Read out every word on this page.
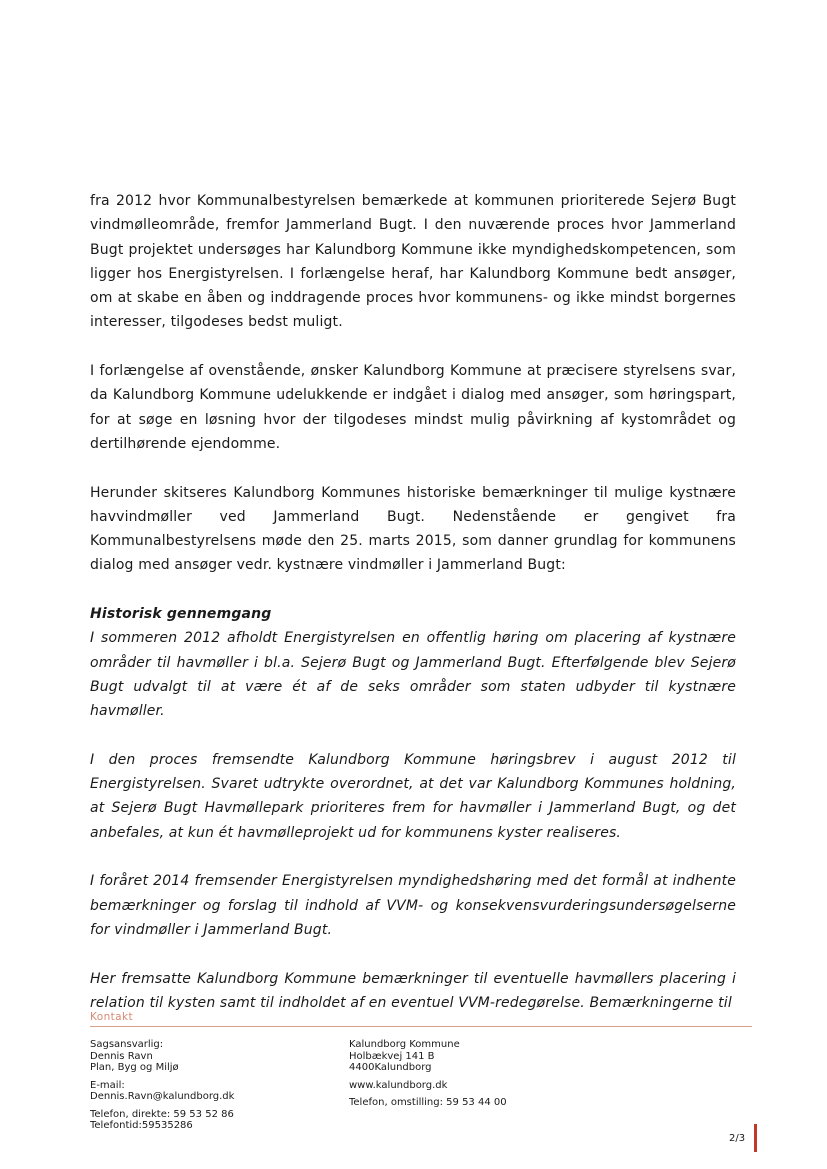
fra 2012 hvor Kommunalbestyrelsen bemærkede at kommunen prioriterede Sejerø Bugt vindmølleområde, fremfor Jammerland Bugt. I den nuværende proces hvor Jammerland Bugt projektet undersøges har Kalundborg Kommune ikke myndighedskompetencen, som ligger hos Energistyrelsen. I forlængelse heraf, har Kalundborg Kommune bedt ansøger, om at skabe en åben og inddragende proces hvor kommunens- og ikke mindst borgernes interesser, tilgodeses bedst muligt.

I forlængelse af ovenstående, ønsker Kalundborg Kommune at præcisere styrelsens svar, da Kalundborg Kommune udelukkende er indgået i dialog med ansøger, som høringspart, for at søge en løsning hvor der tilgodeses mindst mulig påvirkning af kystområdet og dertilhørende ejendomme.

Herunder skitseres Kalundborg Kommunes historiske bemærkninger til mulige kystnære havvindmøller ved Jammerland Bugt. Nedenstående er gengivet fra Kommunalbestyrelsens møde den 25. marts 2015, som danner grundlag for kommunens dialog med ansøger vedr. kystnære vindmøller i Jammerland Bugt:

Historisk gennemgang

I sommeren 2012 afholdt Energistyrelsen en offentlig høring om placering af kystnære områder til havmøller i bl.a. Sejerø Bugt og Jammerland Bugt. Efterfølgende blev Sejerø Bugt udvalgt til at være ét af de seks områder som staten udbyder til kystnære havmøller.

I den proces fremsendte Kalundborg Kommune høringsbrev i august 2012 til Energistyrelsen. Svaret udtrykte overordnet, at det var Kalundborg Kommunes holdning, at Sejerø Bugt Havmøllepark prioriteres frem for havmøller i Jammerland Bugt, og det anbefales, at kun ét havmølleprojekt ud for kommunens kyster realiseres.

I foråret 2014 fremsender Energistyrelsen myndighedshøring med det formål at indhente bemærkninger og forslag til indhold af VVM- og konsekvensvurderingsundersøgelserne for vindmøller i Jammerland Bugt.

Her fremsatte Kalundborg Kommune bemærkninger til eventuelle havmøllers placering i relation til kysten samt til indholdet af en eventuel VVM-redegørelse. Bemærkningerne til

Kontakt
Sagsansvarlig:
Dennis Ravn
Plan, Byg og Miljø
E-mail:
Dennis.Ravn@kalundborg.dk
Telefon, direkte: 59 53 52 86
Telefontid:59535286
Kalundborg Kommune
Holbækvej 141 B
4400Kalundborg
www.kalundborg.dk
Telefon, omstilling: 59 53 44 00
2/3
